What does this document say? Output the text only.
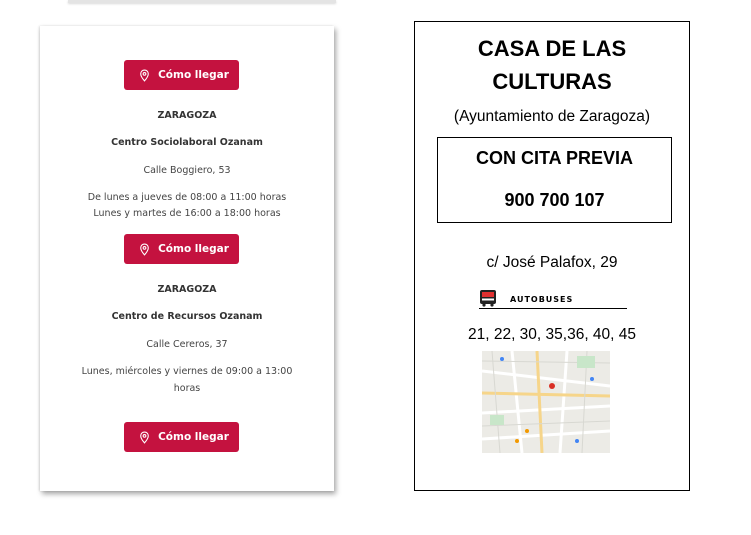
Cómo llegar
ZARAGOZA
Centro Sociolaboral Ozanam
Calle Boggiero, 53
De lunes a jueves de 08:00 a 11:00 horas
Lunes y martes de 16:00 a 18:00 horas
Cómo llegar
ZARAGOZA
Centro de Recursos Ozanam
Calle Cereros, 37
Lunes, miércoles y viernes de 09:00 a 13:00
horas
Cómo llegar
CASA DE LAS
CULTURAS
(Ayuntamiento de Zaragoza)
CON CITA PREVIA
900 700 107
c/ José Palafox, 29
AUTOBUSES
21, 22, 30, 35,36, 40, 45
